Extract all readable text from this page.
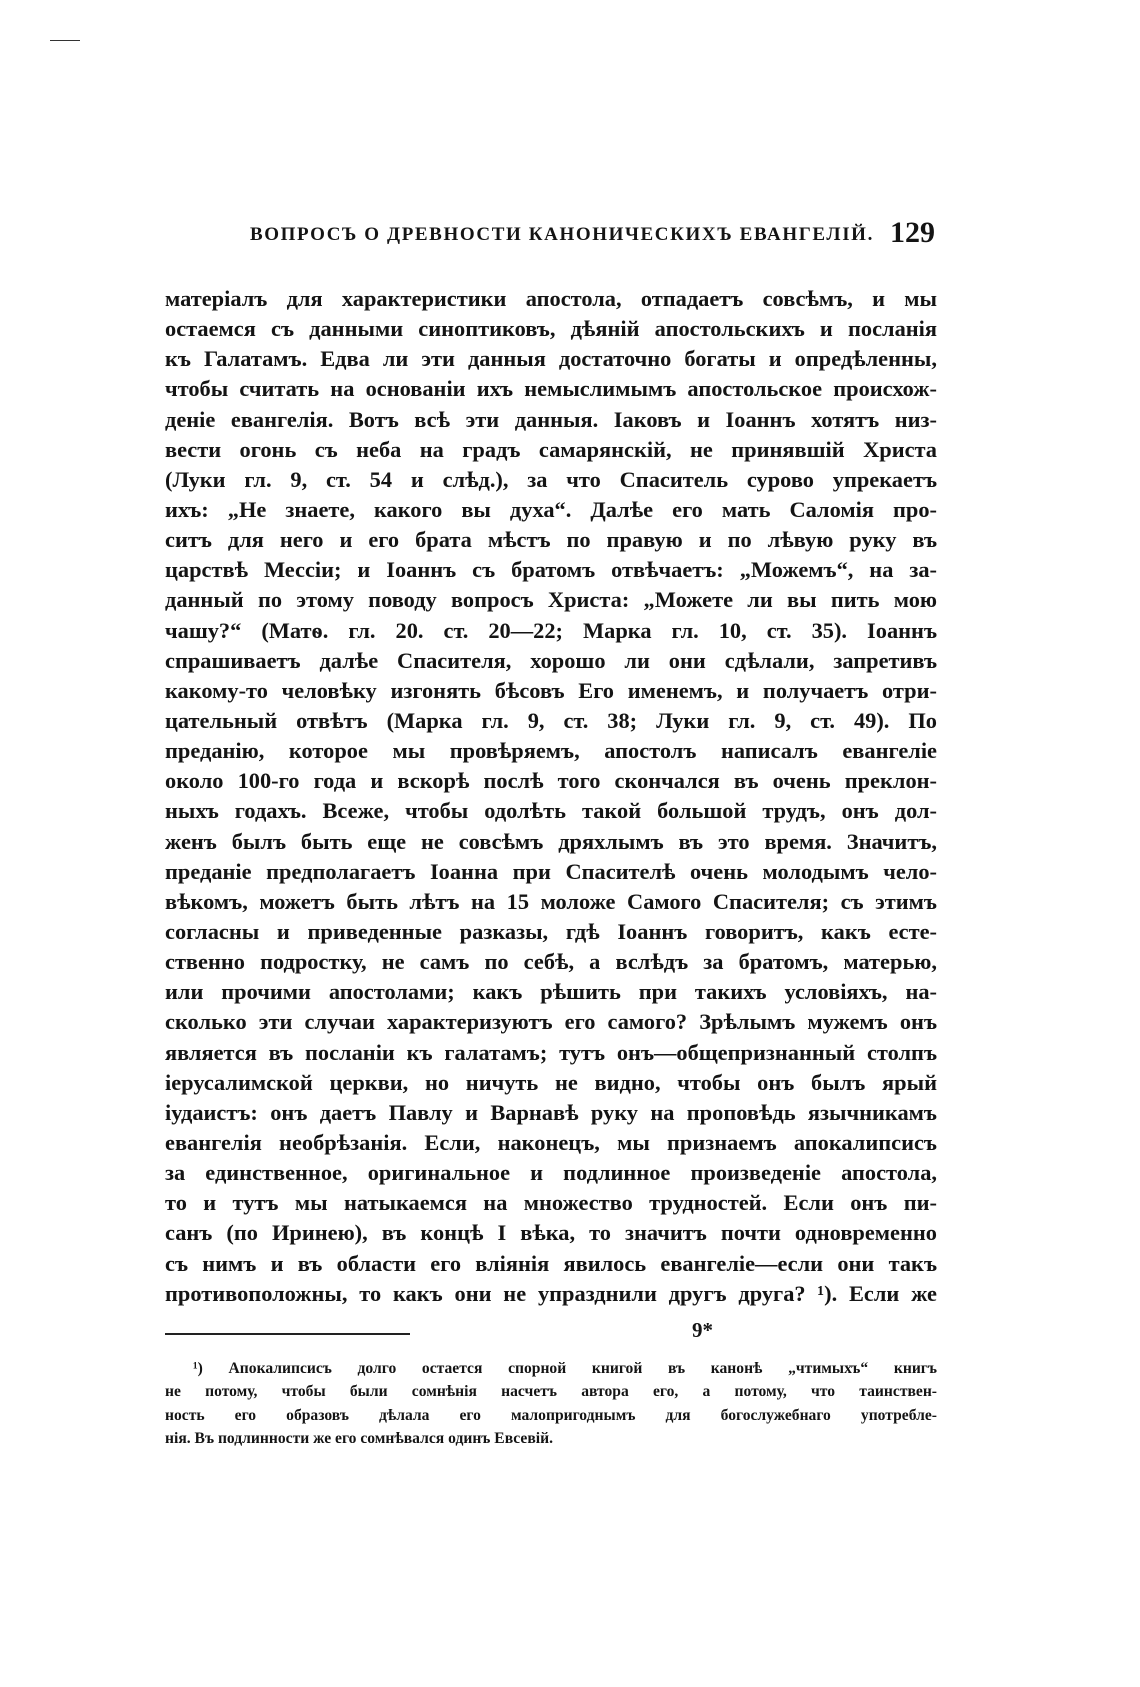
ВОПРОСЪ О ДРЕВНОСТИ КАНОНИЧЕСКИХЪ ЕВАНГЕЛІЙ. 129
матеріалъ для характеристики апостола, отпадаетъ совсѣмъ, и мы
остаемся съ данными синоптиковъ, дѣяній апостольскихъ и посланія
къ Галатамъ. Едва ли эти данныя достаточно богаты и опредѣленны,
чтобы считать на основаніи ихъ немыслимымъ апостольское происхож-
деніе евангелія. Вотъ всѣ эти данныя. Іаковъ и Іоаннъ хотятъ низ-
вести огонь съ неба на градъ самарянскій, не принявшій Христа
(Луки гл. 9, ст. 54 и слѣд.), за что Спаситель сурово упрекаетъ
ихъ: „Не знаете, какого вы духа“. Далѣе его мать Саломія про-
ситъ для него и его брата мѣстъ по правую и по лѣвую руку въ
царствѣ Мессіи; и Іоаннъ съ братомъ отвѣчаетъ: „Можемъ“, на за-
данный по этому поводу вопросъ Христа: „Можете ли вы пить мою
чашу?“ (Матѳ. гл. 20. ст. 20—22; Марка гл. 10, ст. 35). Іоаннъ
спрашиваетъ далѣе Спасителя, хорошо ли они сдѣлали, запретивъ
какому-то человѣку изгонять бѣсовъ Его именемъ, и получаетъ отри-
цательный отвѣтъ (Марка гл. 9, ст. 38; Луки гл. 9, ст. 49). По
преданію, которое мы провѣряемъ, апостолъ написалъ евангеліе
около 100-го года и вскорѣ послѣ того скончался въ очень преклон-
ныхъ годахъ. Всеже, чтобы одолѣть такой большой трудъ, онъ дол-
женъ былъ быть еще не совсѣмъ дряхлымъ въ это время. Значитъ,
преданіе предполагаетъ Іоанна при Спасителѣ очень молодымъ чело-
вѣкомъ, можетъ быть лѣтъ на 15 моложе Самого Спасителя; съ этимъ
согласны и приведенные разказы, гдѣ Іоаннъ говоритъ, какъ есте-
ственно подростку, не самъ по себѣ, а вслѣдъ за братомъ, матерью,
или прочими апостолами; какъ рѣшить при такихъ условіяхъ, на-
сколько эти случаи характеризуютъ его самого? Зрѣлымъ мужемъ онъ
является въ посланіи къ галатамъ; тутъ онъ—общепризнанный столпъ
іерусалимской церкви, но ничуть не видно, чтобы онъ былъ ярый
іудаистъ: онъ даетъ Павлу и Варнавѣ руку на проповѣдь язычникамъ
евангелія необрѣзанія. Если, наконецъ, мы признаемъ апокалипсисъ
за единственное, оригинальное и подлинное произведеніе апостола,
то и тутъ мы натыкаемся на множество трудностей. Если онъ пи-
санъ (по Иринею), въ концѣ I вѣка, то значитъ почти одновременно
съ нимъ и въ области его вліянія явилось евангеліе—если они такъ
противоположны, то какъ они не упразднили другъ друга? ¹). Если же
¹) Апокалипсисъ долго остается спорной книгой въ канонѣ „чтимыхъ“ книгъ
не потому, чтобы были сомнѣнія насчетъ автора его, а потому, что таинствен-
ность его образовъ дѣлала его малопригоднымъ для богослужебнаго употребле-
нія. Въ подлинности же его сомнѣвался одинъ Евсевій.
9*
